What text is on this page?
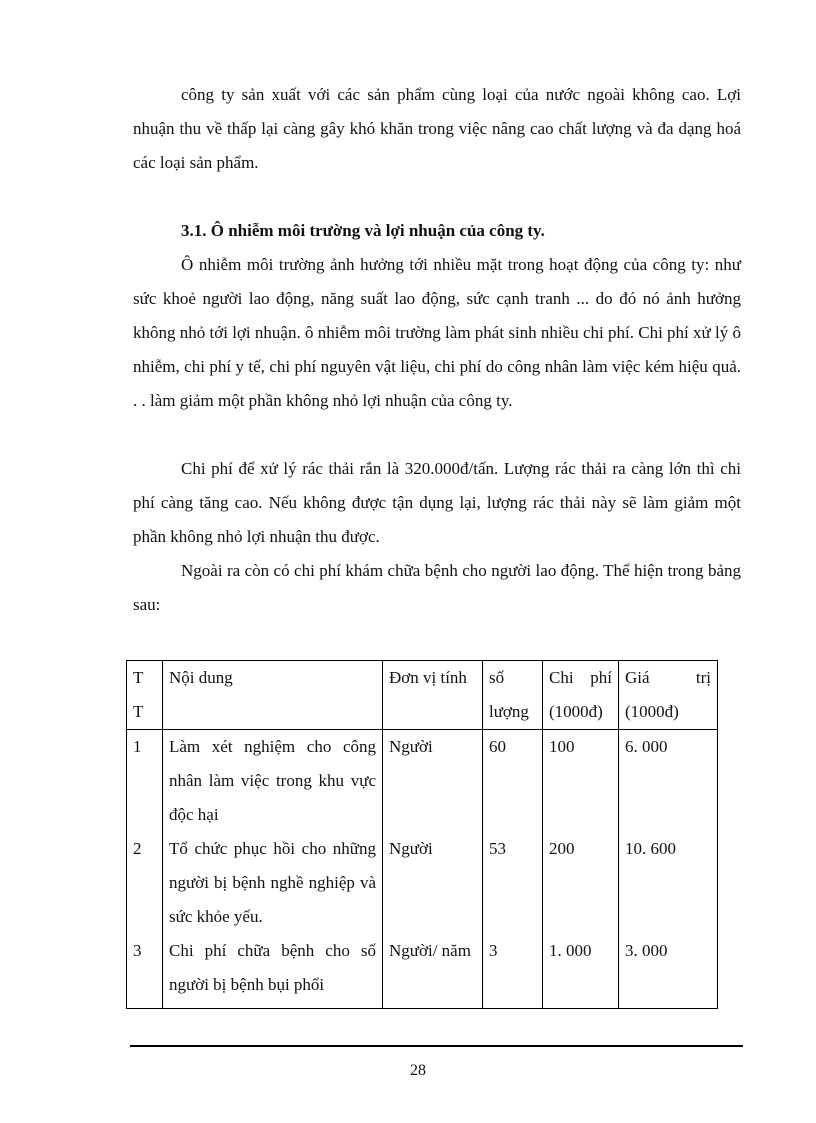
công ty sản xuất với các sản phẩm cùng loại của nước ngoài không cao. Lợi nhuận thu về thấp lại càng gây khó khăn trong việc nâng cao chất lượng và đa dạng hoá các loại sản phẩm.

3.1. Ô nhiễm môi trường và lợi nhuận của công ty.

Ô nhiễm môi trường ảnh hưởng tới nhiều mặt trong hoạt động của công ty: như sức khoẻ người lao động, năng suất lao động, sức cạnh tranh ... do đó nó ảnh hưởng không nhỏ tới lợi nhuận. ô nhiễm môi trường làm phát sinh nhiều chi phí. Chi phí xử lý ô nhiễm, chi phí y tế, chi phí nguyên vật liệu, chi phí do công nhân làm việc kém hiệu quả. . . làm giảm một phần không nhỏ lợi nhuận của công ty.

Chi phí để xử lý rác thải rắn là 320.000đ/tấn. Lượng rác thải ra càng lớn thì chi phí càng tăng cao. Nếu không được tận dụng lại, lượng rác thải này sẽ làm giảm một phần không nhỏ lợi nhuận thu được.

Ngoài ra còn có chi phí khám chữa bệnh cho người lao động. Thể hiện trong bảng sau:

T T	Nội dung	Đơn vị tính	số lượng	Chi phí (1000đ)	Giá trị (1000đ)
1	Làm xét nghiệm cho công nhân làm việc trong khu vực độc hại	Người	60	100	6. 000
2	Tổ chức phục hồi cho những người bị bệnh nghề nghiệp và sức khỏe yếu.	Người	53	200	10. 600
3	Chi phí chữa bệnh cho số người bị bệnh bụi phổi	Người/ năm	3	1. 000	3. 000
28
